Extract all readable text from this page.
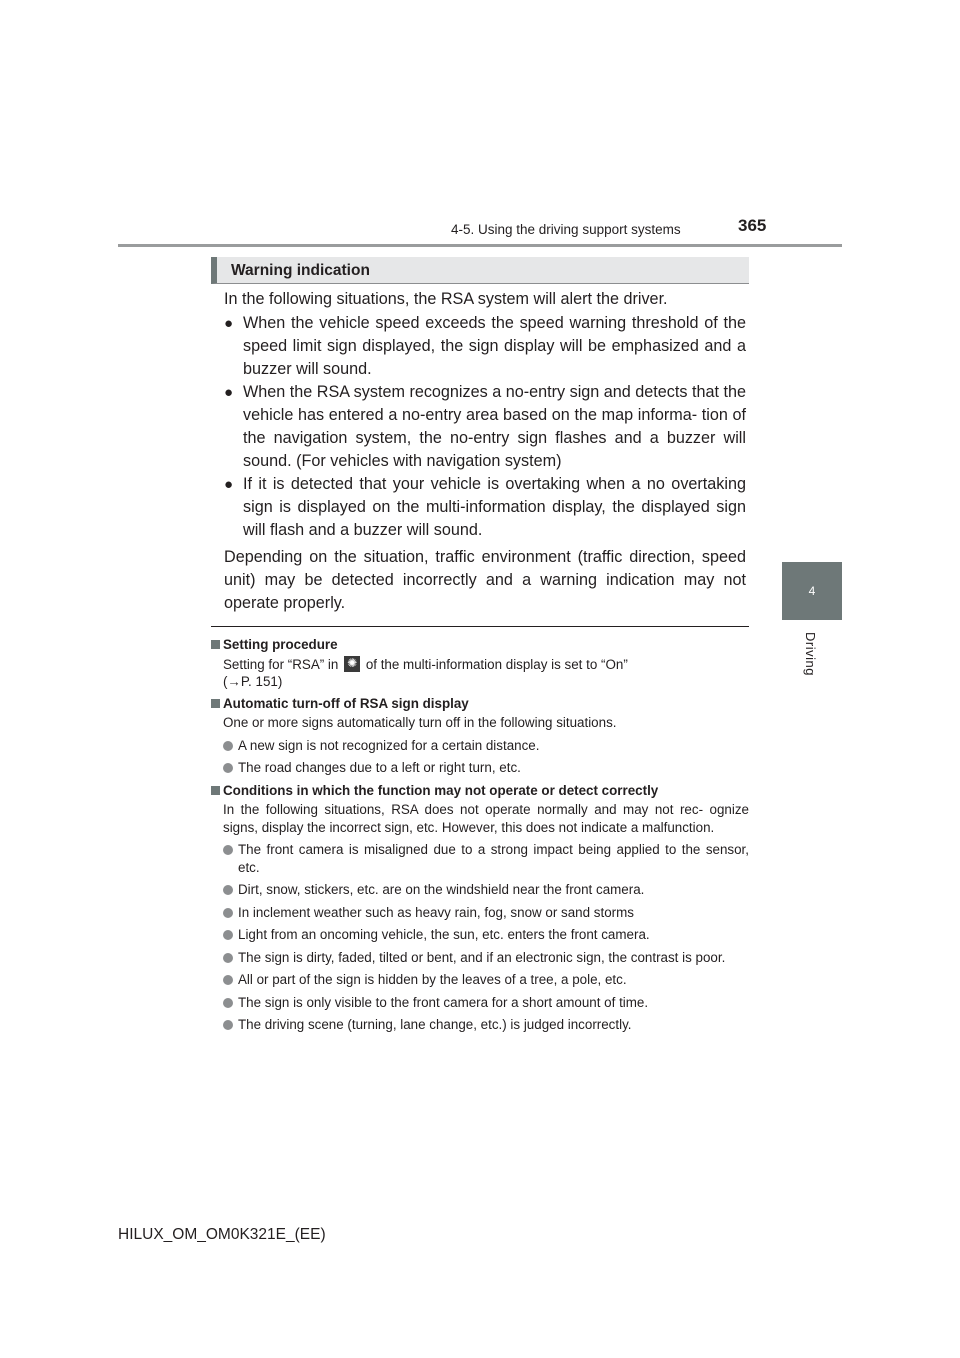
4-5. Using the driving support systems	365
4
Driving
Warning indication

In the following situations, the RSA system will alert the driver.

● When the vehicle speed exceeds the speed warning threshold of the speed limit sign displayed, the sign display will be emphasized and a buzzer will sound.
● When the RSA system recognizes a no-entry sign and detects that the vehicle has entered a no-entry area based on the map informa- tion of the navigation system, the no-entry sign flashes and a buzzer will sound. (For vehicles with navigation system)
● If it is detected that your vehicle is overtaking when a no overtaking sign is displayed on the multi-information display, the displayed sign will flash and a buzzer will sound.

Depending on the situation, traffic environment (traffic direction, speed unit) may be detected incorrectly and a warning indication may not operate properly.

Setting procedure
Setting for “RSA” in ✺ of the multi-information display is set to “On”
(→P. 151)
Automatic turn-off of RSA sign display
One or more signs automatically turn off in the following situations.
A new sign is not recognized for a certain distance.
The road changes due to a left or right turn, etc.
Conditions in which the function may not operate or detect correctly
In the following situations, RSA does not operate normally and may not rec- ognize signs, display the incorrect sign, etc. However, this does not indicate a malfunction.
The front camera is misaligned due to a strong impact being applied to the sensor, etc.
Dirt, snow, stickers, etc. are on the windshield near the front camera.
In inclement weather such as heavy rain, fog, snow or sand storms
Light from an oncoming vehicle, the sun, etc. enters the front camera.
The sign is dirty, faded, tilted or bent, and if an electronic sign, the contrast is poor.
All or part of the sign is hidden by the leaves of a tree, a pole, etc.
The sign is only visible to the front camera for a short amount of time.
The driving scene (turning, lane change, etc.) is judged incorrectly.
HILUX_OM_OM0K321E_(EE)
